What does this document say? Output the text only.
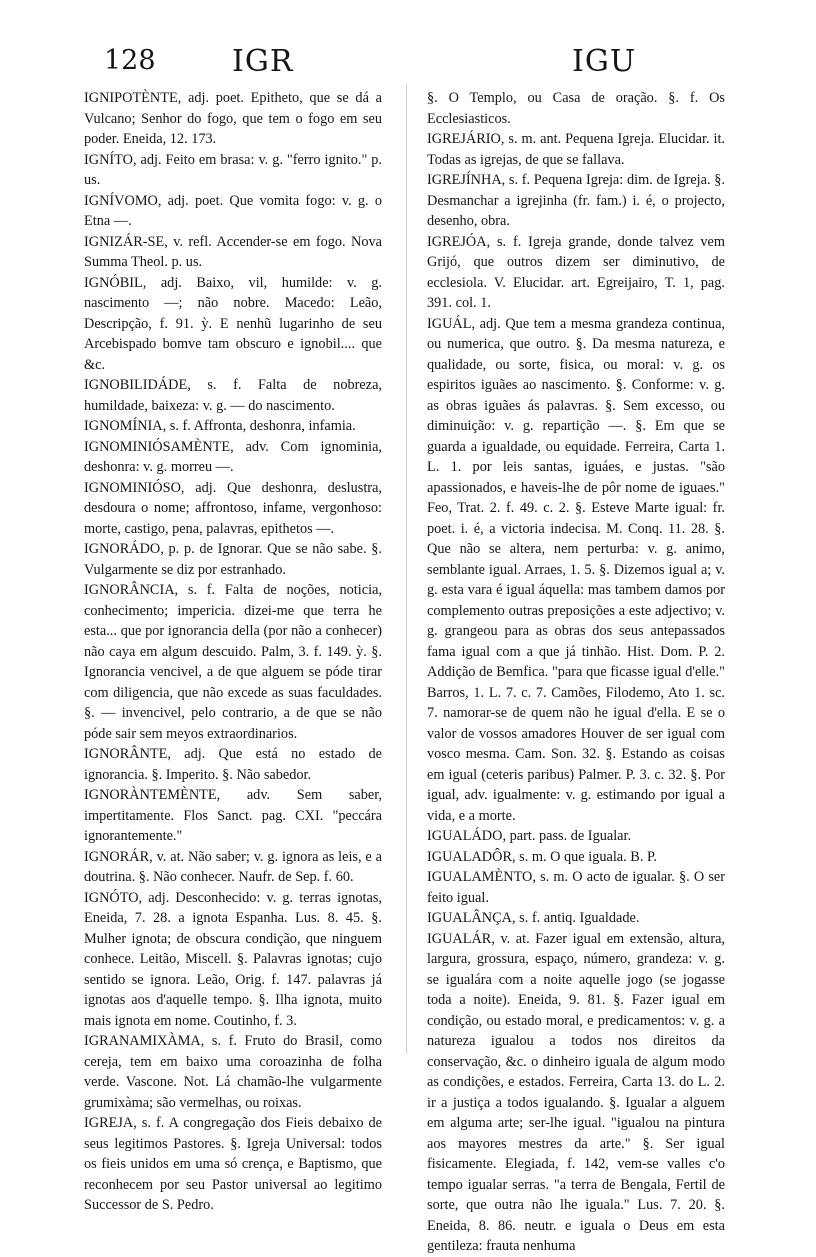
128	IGR	IGU

IGNIPOTÈNTE, adj. poet. Epitheto, que se dá a Vulcano; Senhor do fogo, que tem o fogo em seu poder. Eneida, 12. 173.

IGNÍTO, adj. Feito em brasa: v. g. "ferro ignito." p. us.

IGNÍVOMO, adj. poet. Que vomita fogo: v. g. o Etna —.

IGNIZÁR-SE, v. refl. Accender-se em fogo. Nova Summa Theol. p. us.

IGNÓBIL, adj. Baixo, vil, humilde: v. g. nascimento —; não nobre. Macedo: Leão, Descripção, f. 91. ỳ. E nenhũ lugarinho de seu Arcebispado bomve tam obscuro e ignobil.... que &c.

IGNOBILIDÁDE, s. f. Falta de nobreza, humildade, baixeza: v. g. — do nascimento.

IGNOMÍNIA, s. f. Affronta, deshonra, infamia.

IGNOMINIÓSAMÈNTE, adv. Com ignominia, deshonra: v. g. morreu —.

IGNOMINIÓSO, adj. Que deshonra, deslustra, desdoura o nome; affrontoso, infame, vergonhoso: morte, castigo, pena, palavras, epithetos —.

IGNORÁDO, p. p. de Ignorar. Que se não sabe. §. Vulgarmente se diz por estranhado.

IGNORÂNCIA, s. f. Falta de noções, noticia, conhecimento; impericia. dizei-me que terra he esta... que por ignorancia della (por não a conhecer) não caya em algum descuido. Palm, 3. f. 149. ỳ. §. Ignorancia vencivel, a de que alguem se póde tirar com diligencia, que não excede as suas faculdades. §. — invencivel, pelo contrario, a de que se não póde sair sem meyos extraordinarios.

IGNORÂNTE, adj. Que está no estado de ignorancia. §. Imperito. §. Não sabedor.

IGNORÀNTEMÈNTE, adv. Sem saber, impertitamente. Flos Sanct. pag. CXI. "peccára ignorantemente."

IGNORÁR, v. at. Não saber; v. g. ignora as leis, e a doutrina. §. Não conhecer. Naufr. de Sep. f. 60.

IGNÓTO, adj. Desconhecido: v. g. terras ignotas, Eneida, 7. 28. a ignota Espanha. Lus. 8. 45. §. Mulher ignota; de obscura condição, que ninguem conhece. Leitão, Miscell. §. Palavras ignotas; cujo sentido se ignora. Leão, Orig. f. 147. palavras já ignotas aos d'aquelle tempo. §. Ilha ignota, muito mais ignota em nome. Coutinho, f. 3.

IGRANAMIXÀMA, s. f. Fruto do Brasil, como cereja, tem em baixo uma coroazinha de folha verde. Vascone. Not. Lá chamão-lhe vulgarmente grumixàma; são vermelhas, ou roixas.

IGREJA, s. f. A congregação dos Fieis debaixo de seus legitimos Pastores. §. Igreja Universal: todos os fieis unidos em uma só crença, e Baptismo, que reconhecem por seu Pastor universal ao legitimo Successor de S. Pedro.

§. O Templo, ou Casa de oração. §. f. Os Ecclesiasticos.

IGREJÁRIO, s. m. ant. Pequena Igreja. Elucidar. it. Todas as igrejas, de que se fallava.

IGREJÍNHA, s. f. Pequena Igreja: dim. de Igreja. §. Desmanchar a igrejinha (fr. fam.) i. é, o projecto, desenho, obra.

IGREJÓA, s. f. Igreja grande, donde talvez vem Grijó, que outros dizem ser diminutivo, de ecclesiola. V. Elucidar. art. Egreijairo, T. 1, pag. 391. col. 1.

IGUÁL, adj. Que tem a mesma grandeza continua, ou numerica, que outro. §. Da mesma natureza, e qualidade, ou sorte, fisica, ou moral: v. g. os espiritos iguães ao nascimento. §. Conforme: v. g. as obras iguães ás palavras. §. Sem excesso, ou diminuição: v. g. repartição —. §. Em que se guarda a igualdade, ou equidade. Ferreira, Carta 1. L. 1. por leis santas, iguáes, e justas. "são apassionados, e haveis-lhe de pôr nome de iguaes." Feo, Trat. 2. f. 49. c. 2. §. Esteve Marte igual: fr. poet. i. é, a victoria indecisa. M. Conq. 11. 28. §. Que não se altera, nem perturba: v. g. animo, semblante igual. Arraes, 1. 5. §. Dizemos igual a; v. g. esta vara é igual áquella: mas tambem damos por complemento outras preposições a este adjectivo; v. g. grangeou para as obras dos seus antepassados fama igual com a que já tinhão. Hist. Dom. P. 2. Addição de Bemfica. "para que ficasse igual d'elle." Barros, 1. L. 7. c. 7. Camões, Filodemo, Ato 1. sc. 7. namorar-se de quem não he igual d'ella. E se o valor de vossos amadores Houver de ser igual com vosco mesma. Cam. Son. 32. §. Estando as coisas em igual (ceteris paribus) Palmer. P. 3. c. 32. §. Por igual, adv. igualmente: v. g. estimando por igual a vida, e a morte.

IGUALÁDO, part. pass. de Igualar.

IGUALADÔR, s. m. O que iguala. B. P.

IGUALAMÈNTO, s. m. O acto de igualar. §. O ser feito igual.

IGUALÂNÇA, s. f. antiq. Igualdade.

IGUALÁR, v. at. Fazer igual em extensão, altura, largura, grossura, espaço, número, grandeza: v. g. se igualára com a noite aquelle jogo (se jogasse toda a noite). Eneida, 9. 81. §. Fazer igual em condição, ou estado moral, e predicamentos: v. g. a natureza igualou a todos nos direitos da conservação, &c. o dinheiro iguala de algum modo as condições, e estados. Ferreira, Carta 13. do L. 2. ir a justiça a todos igualando. §. Igualar a alguem em alguma arte; ser-lhe igual. "igualou na pintura aos mayores mestres da arte." §. Ser igual fisicamente. Elegiada, f. 142, vem-se valles c'o tempo igualar serras. "a terra de Bengala, Fertil de sorte, que outra não lhe iguala." Lus. 7. 20. §. Eneida, 8. 86. neutr. e iguala o Deus em esta gentileza: frauta nenhuma
